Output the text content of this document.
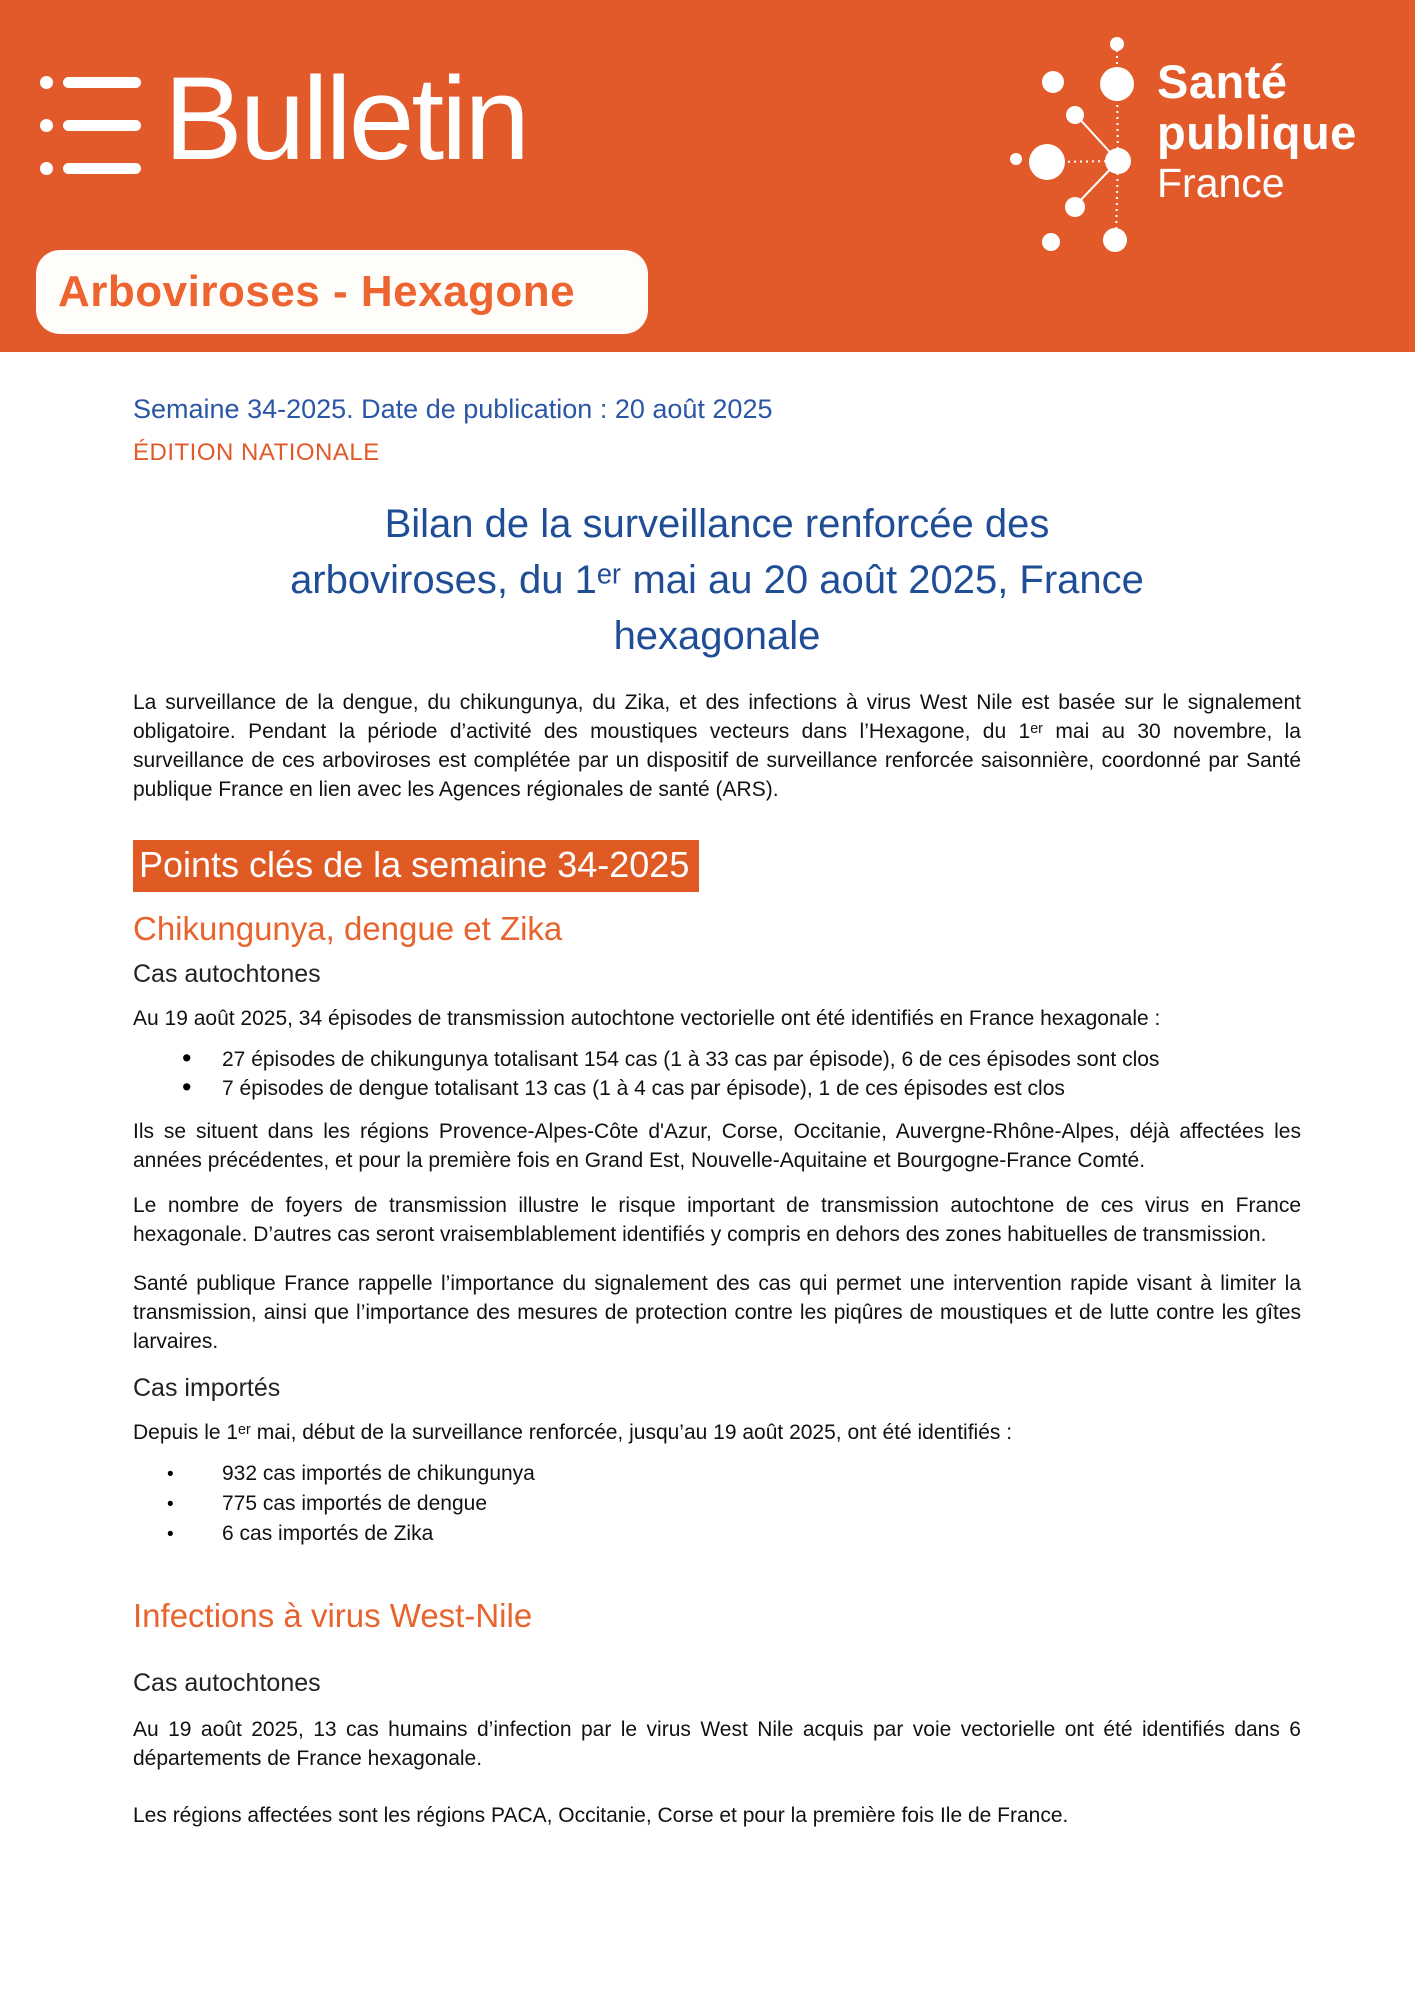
Bulletin	Santé
publique
France
Arboviroses - Hexagone
Semaine 34-2025. Date de publication : 20 août 2025
ÉDITION NATIONALE
Bilan de la surveillance renforcée des
arboviroses, du 1ᵉʳ mai au 20 août 2025, France
hexagonale

La surveillance de la dengue, du chikungunya, du Zika, et des infections à virus West Nile est basée sur le signalement obligatoire. Pendant la période d’activité des moustiques vecteurs dans l’Hexagone, du 1ᵉʳ mai au 30 novembre, la surveillance de ces arboviroses est complétée par un dispositif de surveillance renforcée saisonnière, coordonné par Santé publique France en lien avec les Agences régionales de santé (ARS).

Points clés de la semaine 34-2025
Chikungunya, dengue et Zika
Cas autochtones

Au 19 août 2025, 34 épisodes de transmission autochtone vectorielle ont été identifiés en France hexagonale :

• 27 épisodes de chikungunya totalisant 154 cas (1 à 33 cas par épisode), 6 de ces épisodes sont clos
• 7 épisodes de dengue totalisant 13 cas (1 à 4 cas par épisode), 1 de ces épisodes est clos

Ils se situent dans les régions Provence-Alpes-Côte d'Azur, Corse, Occitanie, Auvergne-Rhône-Alpes, déjà affectées les années précédentes, et pour la première fois en Grand Est, Nouvelle-Aquitaine et Bourgogne-France Comté.

Le nombre de foyers de transmission illustre le risque important de transmission autochtone de ces virus en France hexagonale. D’autres cas seront vraisemblablement identifiés y compris en dehors des zones habituelles de transmission.

Santé publique France rappelle l’importance du signalement des cas qui permet une intervention rapide visant à limiter la transmission, ainsi que l’importance des mesures de protection contre les piqûres de moustiques et de lutte contre les gîtes larvaires.

Cas importés

Depuis le 1ᵉʳ mai, début de la surveillance renforcée, jusqu’au 19 août 2025, ont été identifiés :

• 932 cas importés de chikungunya
• 775 cas importés de dengue
• 6 cas importés de Zika
Infections à virus West-Nile
Cas autochtones

Au 19 août 2025, 13 cas humains d’infection par le virus West Nile acquis par voie vectorielle ont été identifiés dans 6 départements de France hexagonale.

Les régions affectées sont les régions PACA, Occitanie, Corse et pour la première fois Ile de France.
